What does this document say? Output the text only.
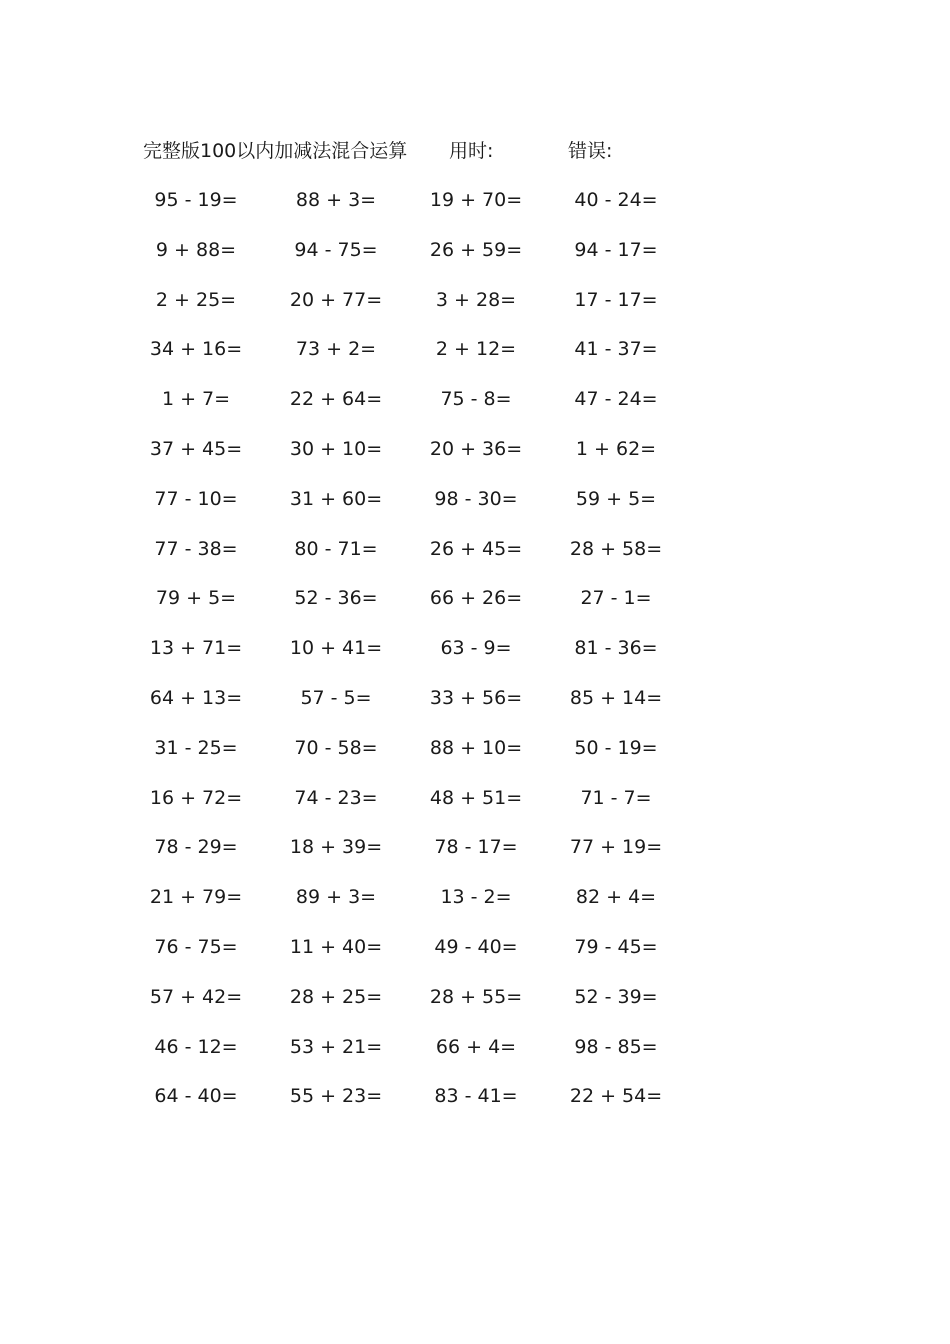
完整版100以内加减法混合运算 用时:	错误:
95 - 19=	88 + 3=	19 + 70=	40 - 24=
9 + 88=	94 - 75=	26 + 59=	94 - 17=
2 + 25=	20 + 77=	3 + 28=	17 - 17=
34 + 16=	73 + 2=	2 + 12=	41 - 37=
1 + 7=	22 + 64=	75 - 8=	47 - 24=
37 + 45=	30 + 10=	20 + 36=	1 + 62=
77 - 10=	31 + 60=	98 - 30=	59 + 5=
77 - 38=	80 - 71=	26 + 45=	28 + 58=
79 + 5=	52 - 36=	66 + 26=	27 - 1=
13 + 71=	10 + 41=	63 - 9=	81 - 36=
64 + 13=	57 - 5=	33 + 56=	85 + 14=
31 - 25=	70 - 58=	88 + 10=	50 - 19=
16 + 72=	74 - 23=	48 + 51=	71 - 7=
78 - 29=	18 + 39=	78 - 17=	77 + 19=
21 + 79=	89 + 3=	13 - 2=	82 + 4=
76 - 75=	11 + 40=	49 - 40=	79 - 45=
57 + 42=	28 + 25=	28 + 55=	52 - 39=
46 - 12=	53 + 21=	66 + 4=	98 - 85=
64 - 40=	55 + 23=	83 - 41=	22 + 54=
